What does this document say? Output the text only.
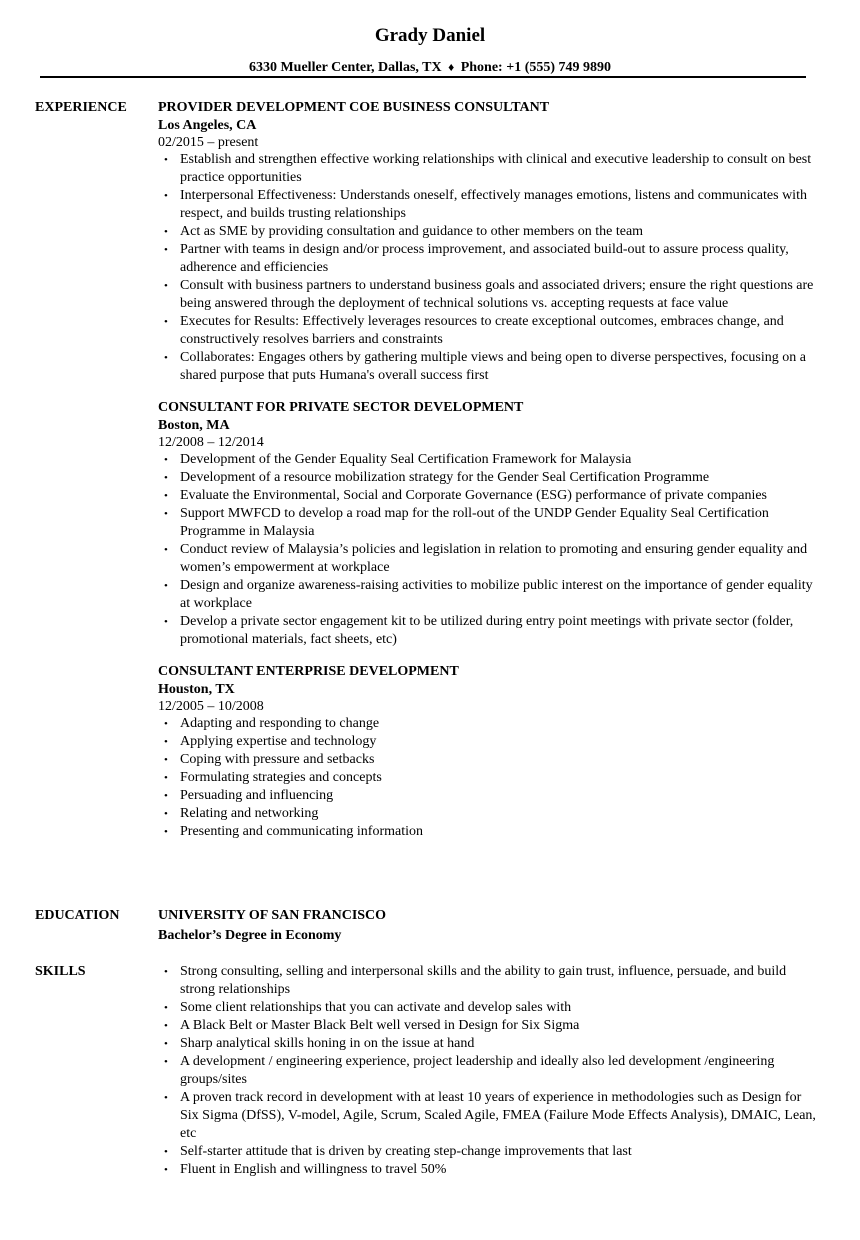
Grady Daniel
6330 Mueller Center, Dallas, TX ♦ Phone: +1 (555) 749 9890
EXPERIENCE PROVIDER DEVELOPMENT COE BUSINESS CONSULTANT
Los Angeles, CA
02/2015 – present
• Establish and strengthen effective working relationships with clinical and executive leadership to consult on best practice opportunities
• Interpersonal Effectiveness: Understands oneself, effectively manages emotions, listens and communicates with respect, and builds trusting relationships
• Act as SME by providing consultation and guidance to other members on the team
• Partner with teams in design and/or process improvement, and associated build-out to assure process quality, adherence and efficiencies
• Consult with business partners to understand business goals and associated drivers; ensure the right questions are being answered through the deployment of technical solutions vs. accepting requests at face value
• Executes for Results: Effectively leverages resources to create exceptional outcomes, embraces change, and constructively resolves barriers and constraints
• Collaborates: Engages others by gathering multiple views and being open to diverse perspectives, focusing on a shared purpose that puts Humana's overall success first
CONSULTANT FOR PRIVATE SECTOR DEVELOPMENT
Boston, MA
12/2008 – 12/2014
• Development of the Gender Equality Seal Certification Framework for Malaysia
• Development of a resource mobilization strategy for the Gender Seal Certification Programme
• Evaluate the Environmental, Social and Corporate Governance (ESG) performance of private companies
• Support MWFCD to develop a road map for the roll-out of the UNDP Gender Equality Seal Certification Programme in Malaysia
• Conduct review of Malaysia’s policies and legislation in relation to promoting and ensuring gender equality and women’s empowerment at workplace
• Design and organize awareness-raising activities to mobilize public interest on the importance of gender equality at workplace
• Develop a private sector engagement kit to be utilized during entry point meetings with private sector (folder, promotional materials, fact sheets, etc)
CONSULTANT ENTERPRISE DEVELOPMENT
Houston, TX
12/2005 – 10/2008
• Adapting and responding to change
• Applying expertise and technology
• Coping with pressure and setbacks
• Formulating strategies and concepts
• Persuading and influencing
• Relating and networking
• Presenting and communicating information
EDUCATION	UNIVERSITY OF SAN FRANCISCO
Bachelor’s Degree in Economy
SKILLS	• Strong consulting, selling and interpersonal skills and the ability to gain trust, influence, persuade, and build strong relationships
• Some client relationships that you can activate and develop sales with
• A Black Belt or Master Black Belt well versed in Design for Six Sigma
• Sharp analytical skills honing in on the issue at hand
• A development / engineering experience, project leadership and ideally also led development /engineering groups/sites
• A proven track record in development with at least 10 years of experience in methodologies such as Design for Six Sigma (DfSS), V-model, Agile, Scrum, Scaled Agile, FMEA (Failure Mode Effects Analysis), DMAIC, Lean, etc
• Self-starter attitude that is driven by creating step-change improvements that last
• Fluent in English and willingness to travel 50%
